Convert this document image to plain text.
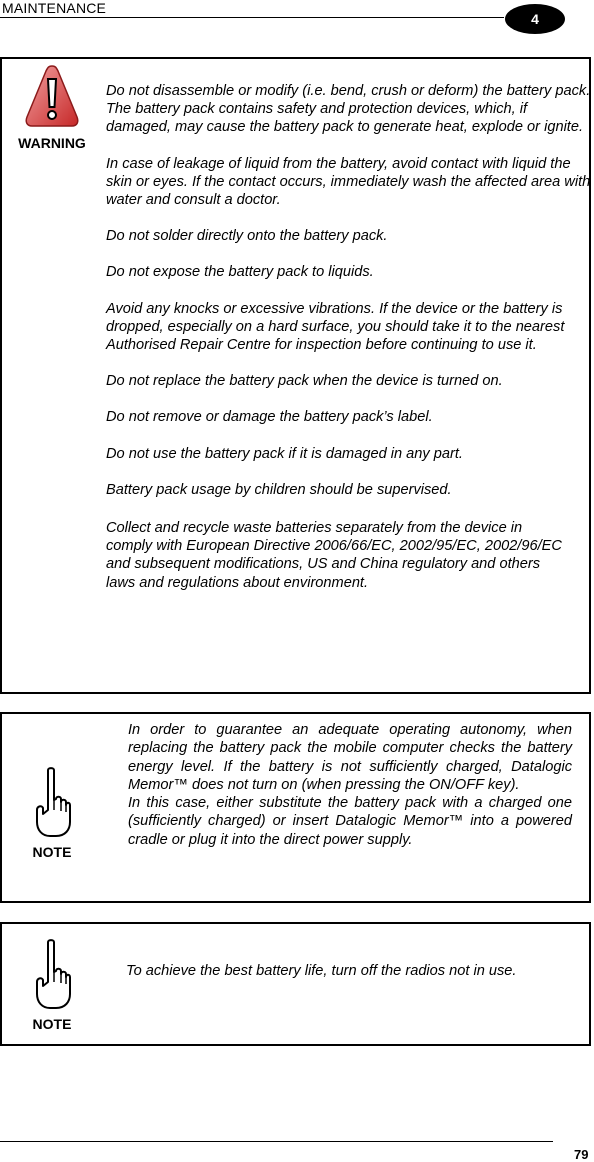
MAINTENANCE
4
WARNING

Do not disassemble or modify (i.e. bend, crush or deform) the battery pack. The battery pack contains safety and protection devices, which, if damaged, may cause the battery pack to generate heat, explode or ignite.

In case of leakage of liquid from the battery, avoid contact with liquid the skin or eyes. If the contact occurs, immediately wash the affected area with water and consult a doctor.

Do not solder directly onto the battery pack.

Do not expose the battery pack to liquids.

Avoid any knocks or excessive vibrations. If the device or the battery is dropped, especially on a hard surface, you should take it to the nearest Authorised Repair Centre for inspection before continuing to use it.

Do not replace the battery pack when the device is turned on.

Do not remove or damage the battery pack’s label.

Do not use the battery pack if it is damaged in any part.

Battery pack usage by children should be supervised.

Collect and recycle waste batteries separately from the device in comply with European Directive 2006/66/EC, 2002/95/EC, 2002/96/EC and subsequent modifications, US and China regulatory and others laws and regulations about environment.

NOTE

In order to guarantee an adequate operating autonomy, when replacing the battery pack the mobile computer checks the battery energy level. If the battery is not sufficiently charged, Datalogic Memor™ does not turn on (when pressing the ON/OFF key).

In this case, either substitute the battery pack with a charged one (sufficiently charged) or insert Datalogic Memor™ into a powered cradle or plug it into the direct power supply.

NOTE

To achieve the best battery life, turn off the radios not in use.

79
